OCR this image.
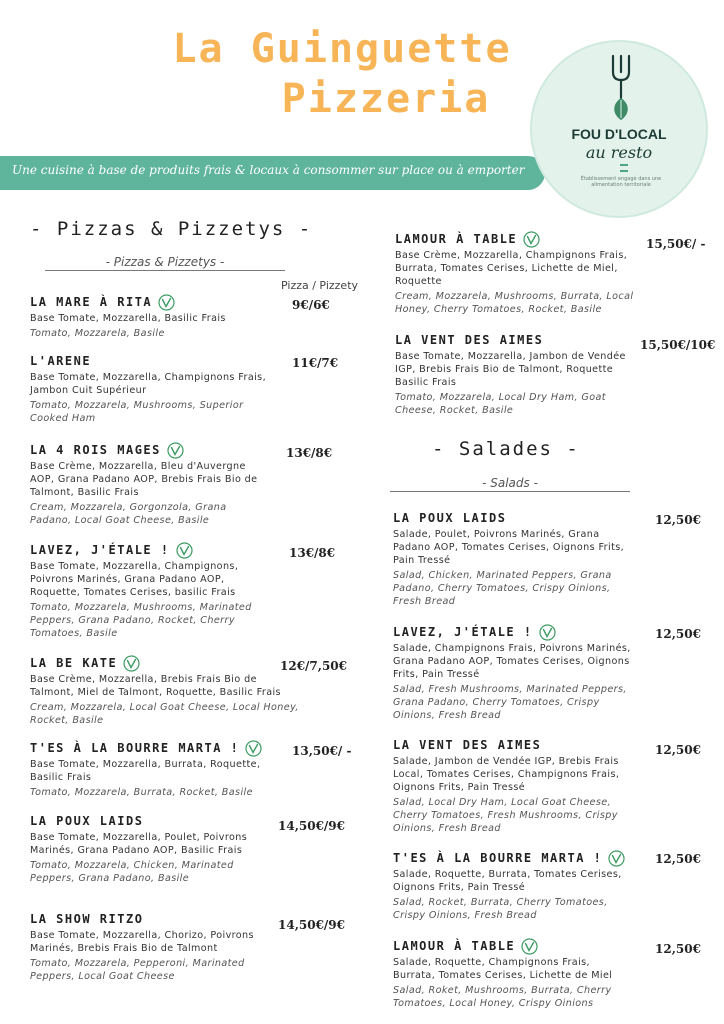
La Guinguette
Pizzeria
Une cuisine à base de produits frais & locaux à consommer sur place ou à emporter
FOU D'LOCAL
au resto
Établissement engagé dans une alimentation territoriale
- Pizzas & Pizzetys -
- Pizzas & Pizzetys -
Pizza / Pizzety
- Salades -
- Salads -
LA MARE À RITA
Base Tomate, Mozzarella, Basilic Frais
Tomato, Mozzarela, Basile
9€/6€
L'ARENE
Base Tomate, Mozzarella, Champignons Frais, Jambon Cuit Supérieur
Tomato, Mozzarela, Mushrooms, Superior Cooked Ham
11€/7€
LA 4 ROIS MAGES
Base Crème, Mozzarella, Bleu d'Auvergne AOP, Grana Padano AOP, Brebis Frais Bio de Talmont, Basilic Frais
Cream, Mozzarela, Gorgonzola, Grana Padano, Local Goat Cheese, Basile
13€/8€
LAVEZ, J'ÉTALE !
Base Tomate, Mozzarella, Champignons, Poivrons Marinés, Grana Padano AOP, Roquette, Tomates Cerises, basilic Frais
Tomato, Mozzarela, Mushrooms, Marinated Peppers, Grana Padano, Rocket, Cherry Tomatoes, Basile
13€/8€
LA BE KATE
Base Crème, Mozzarella, Brebis Frais Bio de Talmont, Miel de Talmont, Roquette, Basilic Frais
Cream, Mozzarela, Local Goat Cheese, Local Honey, Rocket, Basile
12€/7,50€
T'ES À LA BOURRE MARTA !
Base Tomate, Mozzarella, Burrata, Roquette, Basilic Frais
Tomato, Mozzarela, Burrata, Rocket, Basile
13,50€/ -
LA POUX LAIDS
Base Tomate, Mozzarella, Poulet, Poivrons Marinés, Grana Padano AOP, Basilic Frais
Tomato, Mozzarela, Chicken, Marinated Peppers, Grana Padano, Basile
14,50€/9€
LA SHOW RITZO
Base Tomate, Mozzarella, Chorizo, Poivrons Marinés, Brebis Frais Bio de Talmont
Tomato, Mozzarela, Pepperoni, Marinated Peppers, Local Goat Cheese
14,50€/9€
LAMOUR À TABLE
Base Crème, Mozzarella, Champignons Frais, Burrata, Tomates Cerises, Lichette de Miel, Roquette
Cream, Mozzarela, Mushrooms, Burrata, Local Honey, Cherry Tomatoes, Rocket, Basile
15,50€/ -
LA VENT DES AIMES
Base Tomate, Mozzarella, Jambon de Vendée IGP, Brebis Frais Bio de Talmont, Roquette Basilic Frais
Tomato, Mozzarela, Local Dry Ham, Goat Cheese, Rocket, Basile
15,50€/10€
LA POUX LAIDS
Salade, Poulet, Poivrons Marinés, Grana Padano AOP, Tomates Cerises, Oignons Frits, Pain Tressé
Salad, Chicken, Marinated Peppers, Grana Padano, Cherry Tomatoes, Crispy Oinions, Fresh Bread
12,50€
LAVEZ, J'ÉTALE !
Salade, Champignons Frais, Poivrons Marinés, Grana Padano AOP, Tomates Cerises, Oignons Frits, Pain Tressé
Salad, Fresh Mushrooms, Marinated Peppers, Grana Padano, Cherry Tomatoes, Crispy Oinions, Fresh Bread
12,50€
LA VENT DES AIMES
Salade, Jambon de Vendée IGP, Brebis Frais Local, Tomates Cerises, Champignons Frais, Oignons Frits, Pain Tressé
Salad, Local Dry Ham, Local Goat Cheese, Cherry Tomatoes, Fresh Mushrooms, Crispy Oinions, Fresh Bread
12,50€
T'ES À LA BOURRE MARTA !
Salade, Roquette, Burrata, Tomates Cerises, Oignons Frits, Pain Tressé
Salad, Rocket, Burrata, Cherry Tomatoes, Crispy Oinions, Fresh Bread
12,50€
LAMOUR À TABLE
Salade, Roquette, Champignons Frais, Burrata, Tomates Cerises, Lichette de Miel
Salad, Roket, Mushrooms, Burrata, Cherry Tomatoes, Local Honey, Crispy Oinions
12,50€
